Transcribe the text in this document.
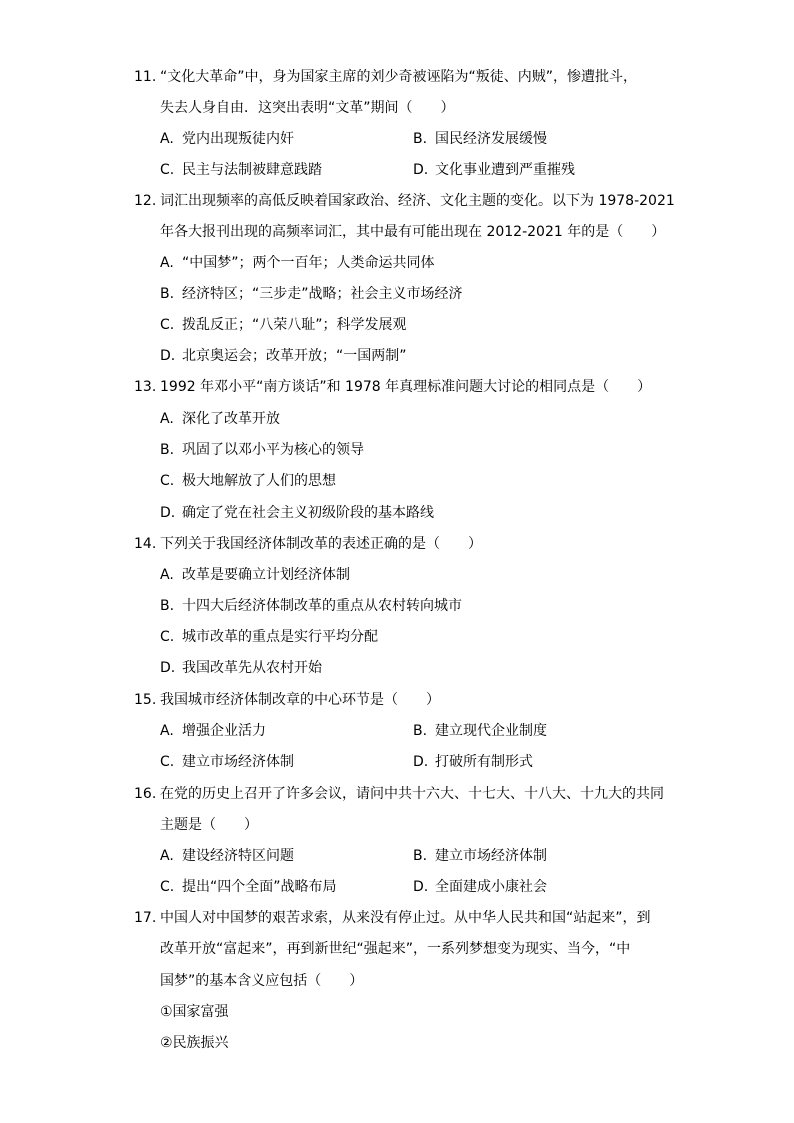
11. “文化大革命”中，身为国家主席的刘少奇被诬陷为“叛徒、内贼”，惨遭批斗，
失去人身自由．这突出表明“文革”期间（　　）
A. 党内出现叛徒内奸	B. 国民经济发展缓慢
C. 民主与法制被肆意践踏	D. 文化事业遭到严重摧残
12. 词汇出现频率的高低反映着国家政治、经济、文化主题的变化。以下为 1978-2021
年各大报刊出现的高频率词汇，其中最有可能出现在 2012-2021 年的是（　　）
A. “中国梦”；两个一百年；人类命运共同体
B. 经济特区；“三步走”战略；社会主义市场经济
C. 拨乱反正；“八荣八耻”；科学发展观
D. 北京奥运会；改革开放；“一国两制”
13. 1992 年邓小平“南方谈话”和 1978 年真理标准问题大讨论的相同点是（　　）
A. 深化了改革开放
B. 巩固了以邓小平为核心的领导
C. 极大地解放了人们的思想
D. 确定了党在社会主义初级阶段的基本路线
14. 下列关于我国经济体制改革的表述正确的是（　　）
A. 改革是要确立计划经济体制
B. 十四大后经济体制改革的重点从农村转向城市
C. 城市改革的重点是实行平均分配
D. 我国改革先从农村开始
15. 我国城市经济体制改章的中心环节是（　　）
A. 增强企业活力	B. 建立现代企业制度
C. 建立市场经济体制	D. 打破所有制形式
16. 在党的历史上召开了许多会议，请问中共十六大、十七大、十八大、十九大的共同
主题是（　　）
A. 建设经济特区问题	B. 建立市场经济体制
C. 提出“四个全面”战略布局	D. 全面建成小康社会
17. 中国人对中国梦的艰苦求索，从来没有停止过。从中华人民共和国“站起来”，到
改革开放“富起来”，再到新世纪“强起来”，一系列梦想变为现实、当今，“中
国梦”的基本含义应包括（　　）
①国家富强
②民族振兴
